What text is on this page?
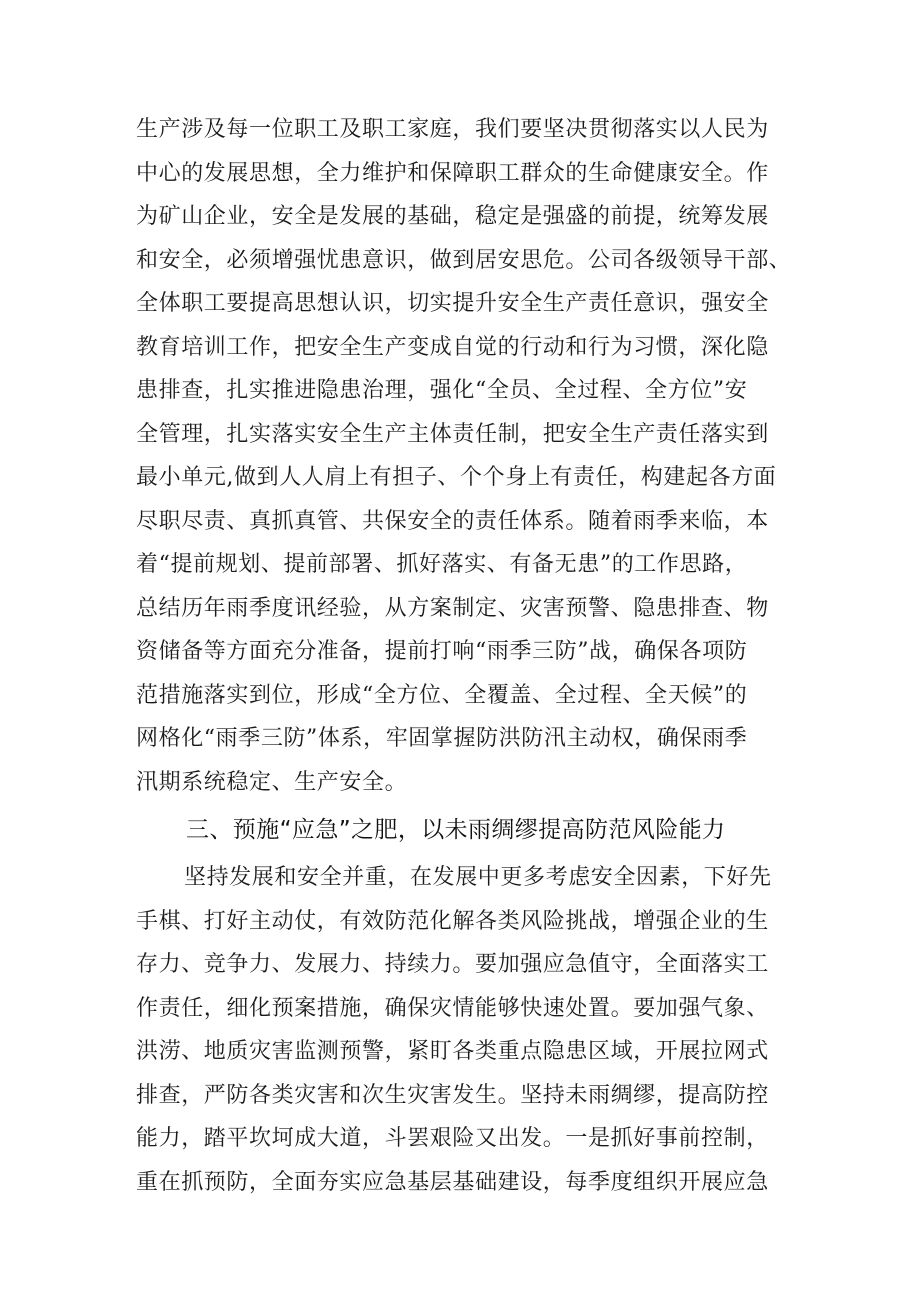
生产涉及每一位职工及职工家庭，我们要坚决贯彻落实以人民为
中心的发展思想，全力维护和保障职工群众的生命健康安全。作
为矿山企业，安全是发展的基础，稳定是强盛的前提，统筹发展
和安全，必须增强忧患意识，做到居安思危。公司各级领导干部、
全体职工要提高思想认识，切实提升安全生产责任意识，强安全
教育培训工作，把安全生产变成自觉的行动和行为习惯，深化隐
患排查，扎实推进隐患治理，强化“全员、全过程、全方位”安
全管理，扎实落实安全生产主体责任制，把安全生产责任落实到
最小单元,做到人人肩上有担子、个个身上有责任，构建起各方面
尽职尽责、真抓真管、共保安全的责任体系。随着雨季来临，本
着“提前规划、提前部署、抓好落实、有备无患”的工作思路，
总结历年雨季度讯经验，从方案制定、灾害预警、隐患排查、物
资储备等方面充分准备，提前打响“雨季三防”战，确保各项防
范措施落实到位，形成“全方位、全覆盖、全过程、全天候”的
网格化“雨季三防”体系，牢固掌握防洪防汛主动权，确保雨季
汛期系统稳定、生产安全。
三、预施“应急”之肥，以未雨绸缪提高防范风险能力
坚持发展和安全并重，在发展中更多考虑安全因素，下好先
手棋、打好主动仗，有效防范化解各类风险挑战，增强企业的生
存力、竞争力、发展力、持续力。要加强应急值守，全面落实工
作责任，细化预案措施，确保灾情能够快速处置。要加强气象、
洪涝、地质灾害监测预警，紧盯各类重点隐患区域，开展拉网式
排查，严防各类灾害和次生灾害发生。坚持未雨绸缪，提高防控
能力，踏平坎坷成大道，斗罢艰险又出发。一是抓好事前控制，
重在抓预防，全面夯实应急基层基础建设，每季度组织开展应急
